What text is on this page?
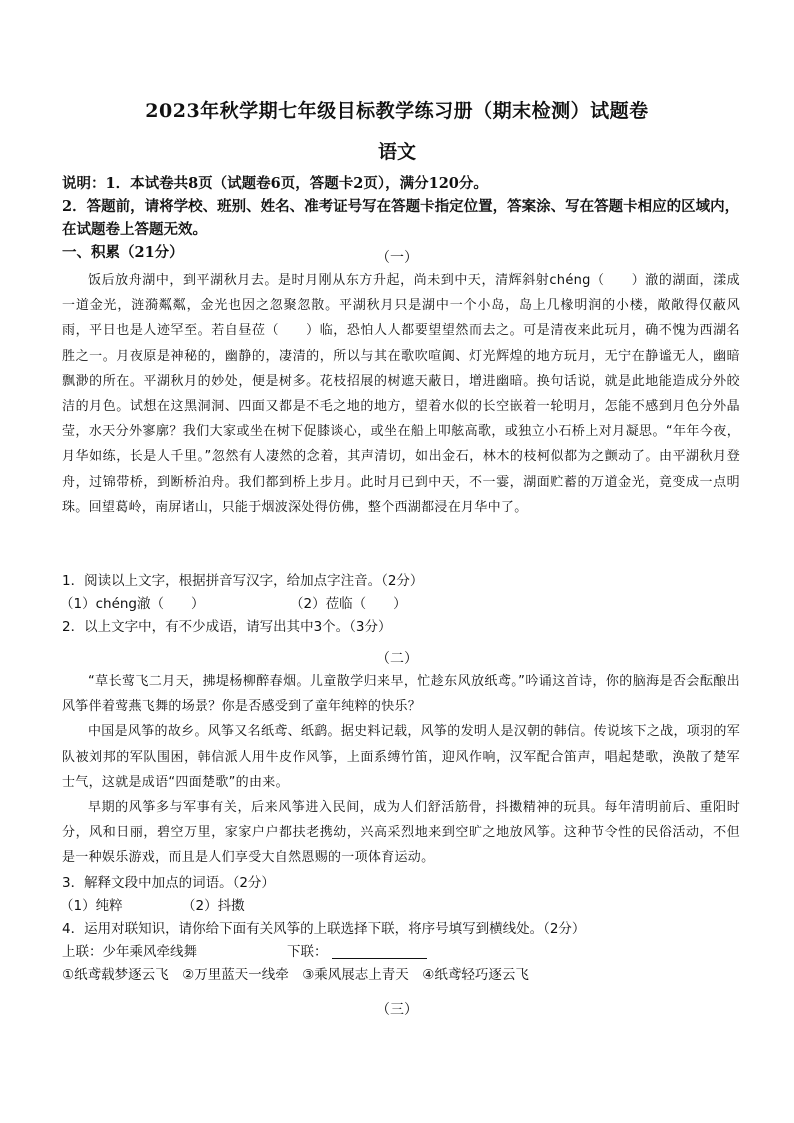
2023年秋学期七年级目标教学练习册（期末检测）试题卷
语文
说明：1．本试卷共8页（试题卷6页，答题卡2页），满分120分。
2．答题前，请将学校、班别、姓名、准考证号写在答题卡指定位置，答案涂、写在答题卡相应的区域内，在试题卷上答题无效。
一、积累（21分）	（一）

饭后放舟湖中，到平湖秋月去。是时月刚从东方升起，尚未到中天，清辉斜射chéng（　　）澈的湖面，漾成一道金光，涟漪粼粼，金光也因之忽聚忽散。平湖秋月只是湖中一个小岛，岛上几椽明润的小楼，敞敞得仅蔽风雨，平日也是人迹罕至。若自昼莅（　　）临，恐怕人人都要望望然而去之。可是清夜来此玩月，确不愧为西湖名胜之一。月夜原是神秘的，幽静的，凄清的，所以与其在歌吹喧阗、灯光辉煌的地方玩月，无宁在静谧无人，幽暗飘渺的所在。平湖秋月的妙处，便是树多。花枝招展的树遮天蔽日，增进幽暗。换句话说，就是此地能造成分外皎洁的月色。试想在这黑洞洞、四面又都是不毛之地的地方，望着水似的长空嵌着一轮明月，怎能不感到月色分外晶莹，水天分外寥廓？我们大家或坐在树下促膝谈心，或坐在船上叩舷高歌，或独立小石桥上对月凝思。“年年今夜，月华如练，长是人千里。”忽然有人凄然的念着，其声清切，如出金石，林木的枝柯似都为之颤动了。由平湖秋月登舟，过锦带桥，到断桥泊舟。我们都到桥上步月。此时月已到中天，不一霎，湖面贮蓄的万道金光，竟变成一点明珠。回望葛岭，南屏诸山，只能于烟波深处得仿佛，整个西湖都浸在月华中了。

1．阅读以上文字，根据拼音写汉字，给加点字注音。（2分）
（1）chéng澈（　　）	（2）莅临（　　）
2．以上文字中，有不少成语，请写出其中3个。（3分）
（二）

“草长莺飞二月天，拂堤杨柳醉春烟。儿童散学归来早，忙趁东风放纸鸢。”吟诵这首诗，你的脑海是否会酝酿出风筝伴着莺燕飞舞的场景？你是否感受到了童年纯粹的快乐？

中国是风筝的故乡。风筝又名纸鸢、纸鹞。据史料记载，风筝的发明人是汉朝的韩信。传说垓下之战，项羽的军队被刘邦的军队围困，韩信派人用牛皮作风筝，上面系缚竹笛，迎风作响，汉军配合笛声，唱起楚歌，涣散了楚军士气，这就是成语“四面楚歌”的由来。

早期的风筝多与军事有关，后来风筝进入民间，成为人们舒活筋骨，抖擞精神的玩具。每年清明前后、重阳时分，风和日丽，碧空万里，家家户户都扶老携幼，兴高采烈地来到空旷之地放风筝。这种节令性的民俗活动，不但是一种娱乐游戏，而且是人们享受大自然恩赐的一项体育运动。

3．解释文段中加点的词语。（2分）
（1）纯粹	（2）抖擞
4．运用对联知识，请你给下面有关风筝的上联选择下联，将序号填写到横线处。（2分）
上联：少年乘风牵线舞	下联：
①纸鸢载梦逐云飞　②万里蓝天一线牵　③乘风展志上青天　④纸鸢轻巧逐云飞
（三）
